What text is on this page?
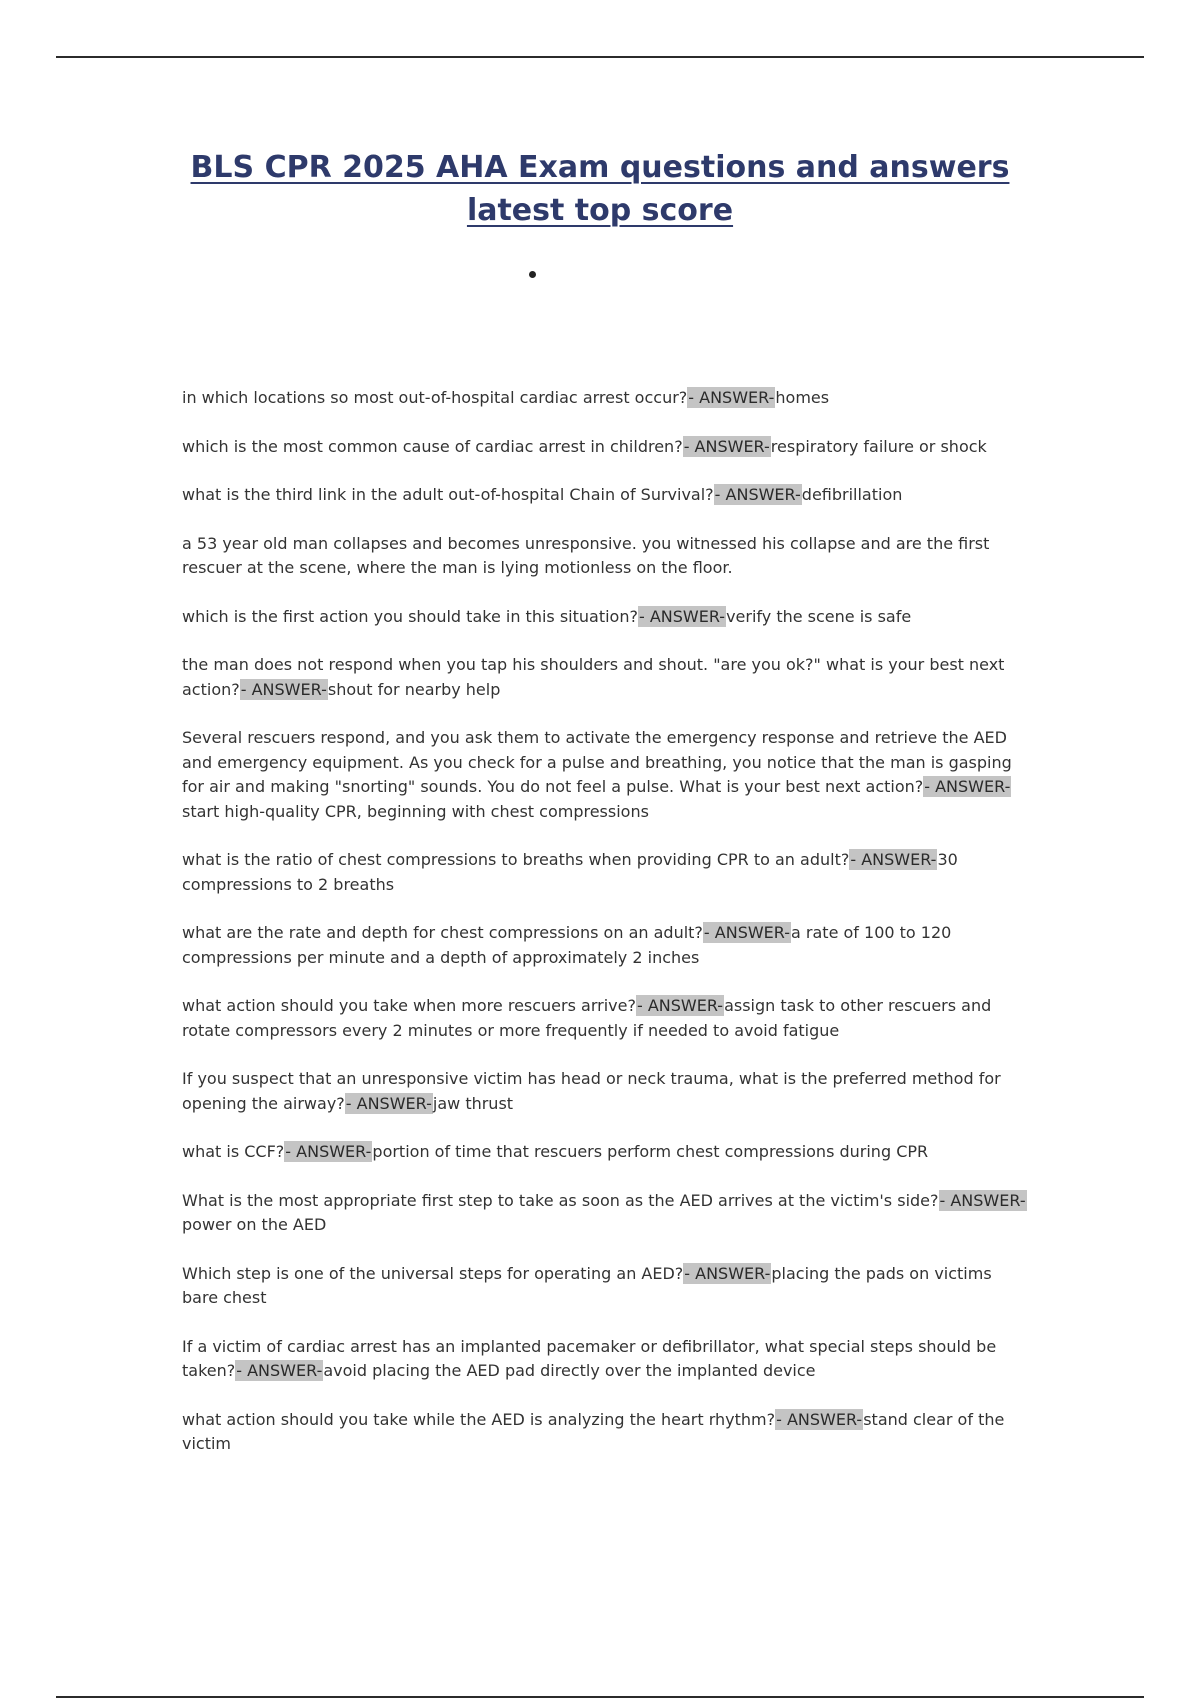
BLS CPR 2025 AHA Exam questions and answers latest top score
in which locations so most out-of-hospital cardiac arrest occur?- ANSWER-homes
which is the most common cause of cardiac arrest in children?- ANSWER-respiratory failure or shock
what is the third link in the adult out-of-hospital Chain of Survival?- ANSWER-defibrillation
a 53 year old man collapses and becomes unresponsive. you witnessed his collapse and are the first rescuer at the scene, where the man is lying motionless on the floor.
which is the first action you should take in this situation?- ANSWER-verify the scene is safe
the man does not respond when you tap his shoulders and shout. "are you ok?" what is your best next action?- ANSWER-shout for nearby help
Several rescuers respond, and you ask them to activate the emergency response and retrieve the AED and emergency equipment. As you check for a pulse and breathing, you notice that the man is gasping for air and making "snorting" sounds. You do not feel a pulse. What is your best next action?- ANSWER-start high-quality CPR, beginning with chest compressions
what is the ratio of chest compressions to breaths when providing CPR to an adult?- ANSWER-30 compressions to 2 breaths
what are the rate and depth for chest compressions on an adult?- ANSWER-a rate of 100 to 120 compressions per minute and a depth of approximately 2 inches
what action should you take when more rescuers arrive?- ANSWER-assign task to other rescuers and rotate compressors every 2 minutes or more frequently if needed to avoid fatigue
If you suspect that an unresponsive victim has head or neck trauma, what is the preferred method for opening the airway?- ANSWER-jaw thrust
what is CCF?- ANSWER-portion of time that rescuers perform chest compressions during CPR
What is the most appropriate first step to take as soon as the AED arrives at the victim's side?- ANSWER-power on the AED
Which step is one of the universal steps for operating an AED?- ANSWER-placing the pads on victims bare chest
If a victim of cardiac arrest has an implanted pacemaker or defibrillator, what special steps should be taken?- ANSWER-avoid placing the AED pad directly over the implanted device
what action should you take while the AED is analyzing the heart rhythm?- ANSWER-stand clear of the victim
